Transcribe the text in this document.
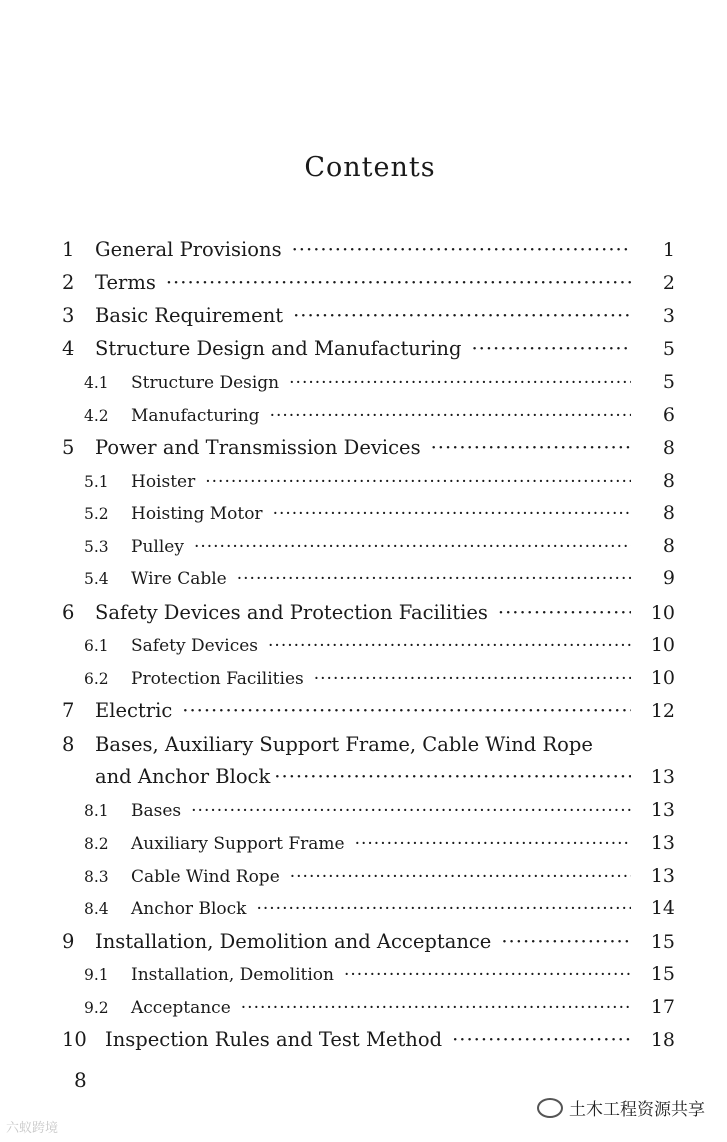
Contents
1	General Provisions ·····	1
2	Terms ·····	2
3	Basic Requirement ·····	3
4	Structure Design and Manufacturing ·····	5
4.1	Structure Design ·····	5
4.2	Manufacturing ·····	6
5	Power and Transmission Devices ·····	8
5.1	Hoister ·····	8
5.2	Hoisting Motor ·····	8
5.3	Pulley ·····	8
5.4	Wire Cable ·····	9
6	Safety Devices and Protection Facilities ·····	10
6.1	Safety Devices ·····	10
6.2	Protection Facilities ·····	10
7	Electric ·····	12
8	Bases, Auxiliary Support Frame, Cable Wind Rope
and Anchor Block ·····	13
8.1	Bases ·····	13
8.2	Auxiliary Support Frame ·····	13
8.3	Cable Wind Rope ·····	13
8.4	Anchor Block ·····	14
9	Installation, Demolition and Acceptance ·····	15
9.1	Installation, Demolition ·····	15
9.2	Acceptance ·····	17
10 Inspection Rules and Test Method ·····	18
8
六蚁跨境
土木工程资源共享
